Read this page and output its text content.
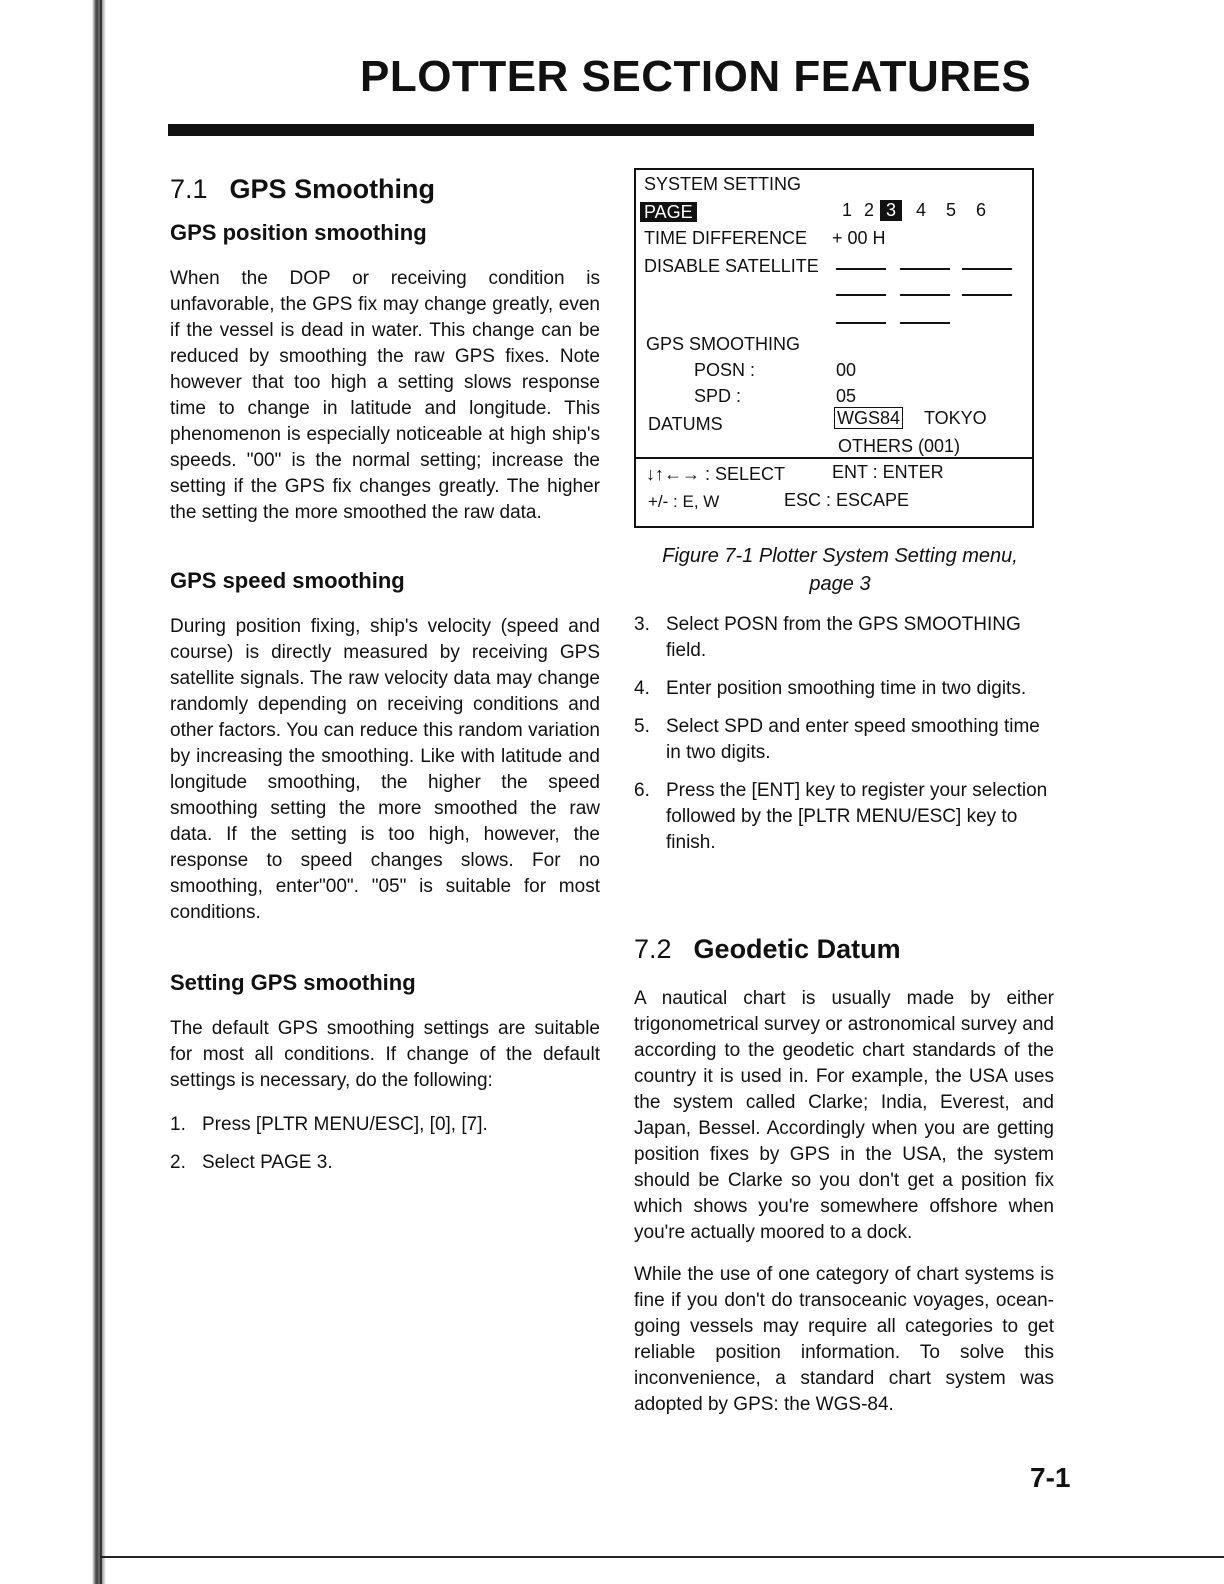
PLOTTER SECTION FEATURES
7.1 GPS Smoothing
GPS position smoothing

When the DOP or receiving condition is unfavorable, the GPS fix may change greatly, even if the vessel is dead in water. This change can be reduced by smoothing the raw GPS fixes. Note however that too high a setting slows response time to change in latitude and longitude. This phenomenon is especially noticeable at high ship's speeds. "00" is the normal setting; increase the setting if the GPS fix changes greatly. The higher the setting the more smoothed the raw data.

GPS speed smoothing

During position fixing, ship's velocity (speed and course) is directly measured by receiving GPS satellite signals. The raw velocity data may change randomly depending on receiving conditions and other factors. You can reduce this random variation by increasing the smoothing. Like with latitude and longitude smoothing, the higher the speed smoothing setting the more smoothed the raw data. If the setting is too high, however, the response to speed changes slows. For no smoothing, enter"00". "05" is suitable for most conditions.

Setting GPS smoothing

The default GPS smoothing settings are suitable for most all conditions. If change of the default settings is necessary, do the following:

1. Press [PLTR MENU/ESC], [0], [7].
2. Select PAGE 3.
SYSTEM SETTING
PAGE	1 2 3 4 5 6
TIME DIFFERENCE + 00 H
DISABLE SATELLITE
GPS SMOOTHING
POSN :	00
SPD :	05
DATUMS	WGS84 TOKYO
OTHERS (001)
↓↑←→ : SELECT	ENT : ENTER
+/- : E, W	ESC : ESCAPE
Figure 7-1 Plotter System Setting menu, page 3
3. Select POSN from the GPS SMOOTHING field.
4. Enter position smoothing time in two digits.
5. Select SPD and enter speed smoothing time in two digits.
6. Press the [ENT] key to register your selection followed by the [PLTR MENU/ESC] key to finish.
7.2 Geodetic Datum

A nautical chart is usually made by either trigonometrical survey or astronomical survey and according to the geodetic chart standards of the country it is used in. For example, the USA uses the system called Clarke; India, Everest, and Japan, Bessel. Accordingly when you are getting position fixes by GPS in the USA, the system should be Clarke so you don't get a position fix which shows you're somewhere offshore when you're actually moored to a dock.

While the use of one category of chart systems is fine if you don't do transoceanic voyages, ocean-going vessels may require all categories to get reliable position information. To solve this inconvenience, a standard chart system was adopted by GPS: the WGS-84.

7-1
